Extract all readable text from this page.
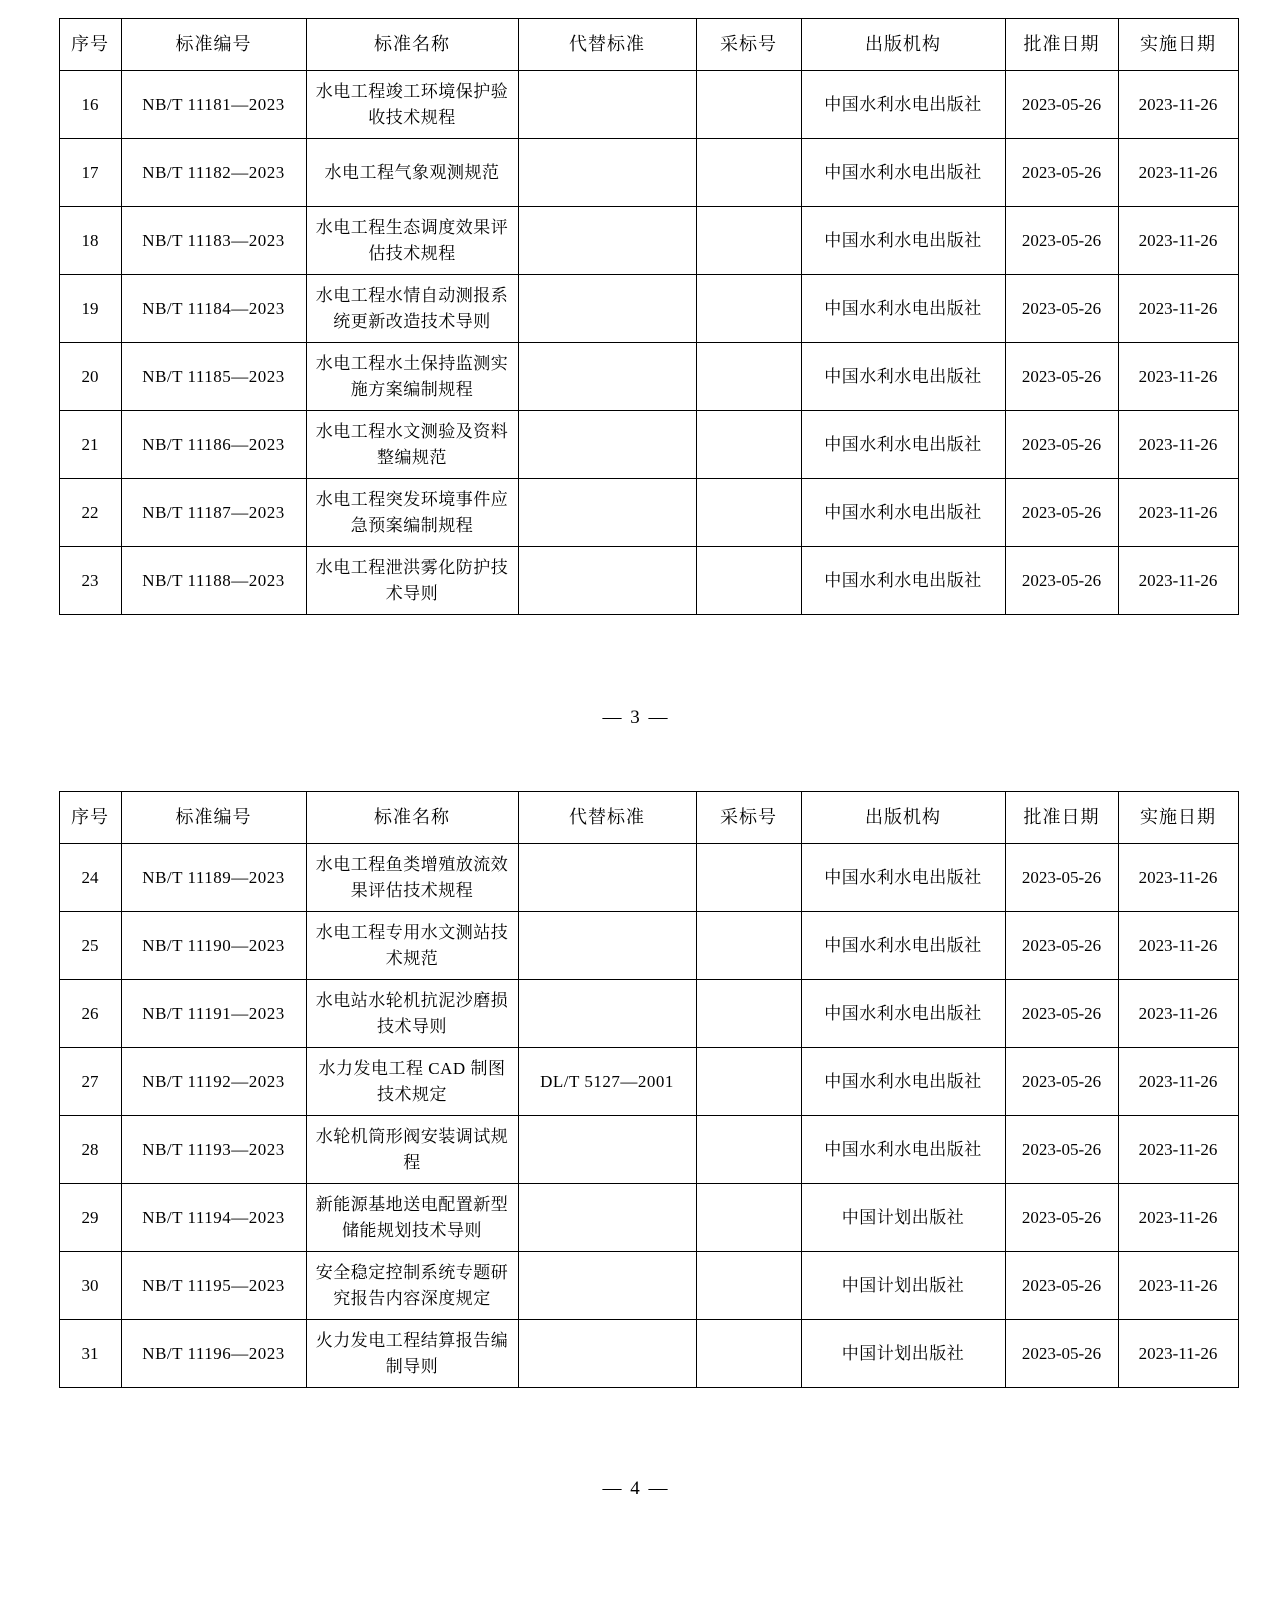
序号	标准编号	标准名称	代替标准	采标号	出版机构	批准日期	实施日期
16	NB/T 11181—2023	水电工程竣工环境保护验收技术规程			中国水利水电出版社	2023-05-26	2023-11-26
17	NB/T 11182—2023	水电工程气象观测规范			中国水利水电出版社	2023-05-26	2023-11-26
18	NB/T 11183—2023	水电工程生态调度效果评估技术规程			中国水利水电出版社	2023-05-26	2023-11-26
19	NB/T 11184—2023	水电工程水情自动测报系统更新改造技术导则			中国水利水电出版社	2023-05-26	2023-11-26
20	NB/T 11185—2023	水电工程水土保持监测实施方案编制规程			中国水利水电出版社	2023-05-26	2023-11-26
21	NB/T 11186—2023	水电工程水文测验及资料整编规范			中国水利水电出版社	2023-05-26	2023-11-26
22	NB/T 11187—2023	水电工程突发环境事件应急预案编制规程			中国水利水电出版社	2023-05-26	2023-11-26
23	NB/T 11188—2023	水电工程泄洪雾化防护技术导则			中国水利水电出版社	2023-05-26	2023-11-26
— 3 —
序号	标准编号	标准名称	代替标准	采标号	出版机构	批准日期	实施日期
24	NB/T 11189—2023	水电工程鱼类增殖放流效果评估技术规程			中国水利水电出版社	2023-05-26	2023-11-26
25	NB/T 11190—2023	水电工程专用水文测站技术规范			中国水利水电出版社	2023-05-26	2023-11-26
26	NB/T 11191—2023	水电站水轮机抗泥沙磨损技术导则			中国水利水电出版社	2023-05-26	2023-11-26
27	NB/T 11192—2023	水力发电工程 CAD 制图技术规定	DL/T 5127—2001		中国水利水电出版社	2023-05-26	2023-11-26
28	NB/T 11193—2023	水轮机筒形阀安装调试规程			中国水利水电出版社	2023-05-26	2023-11-26
29	NB/T 11194—2023	新能源基地送电配置新型储能规划技术导则			中国计划出版社	2023-05-26	2023-11-26
30	NB/T 11195—2023	安全稳定控制系统专题研究报告内容深度规定			中国计划出版社	2023-05-26	2023-11-26
31	NB/T 11196—2023	火力发电工程结算报告编制导则			中国计划出版社	2023-05-26	2023-11-26
— 4 —
